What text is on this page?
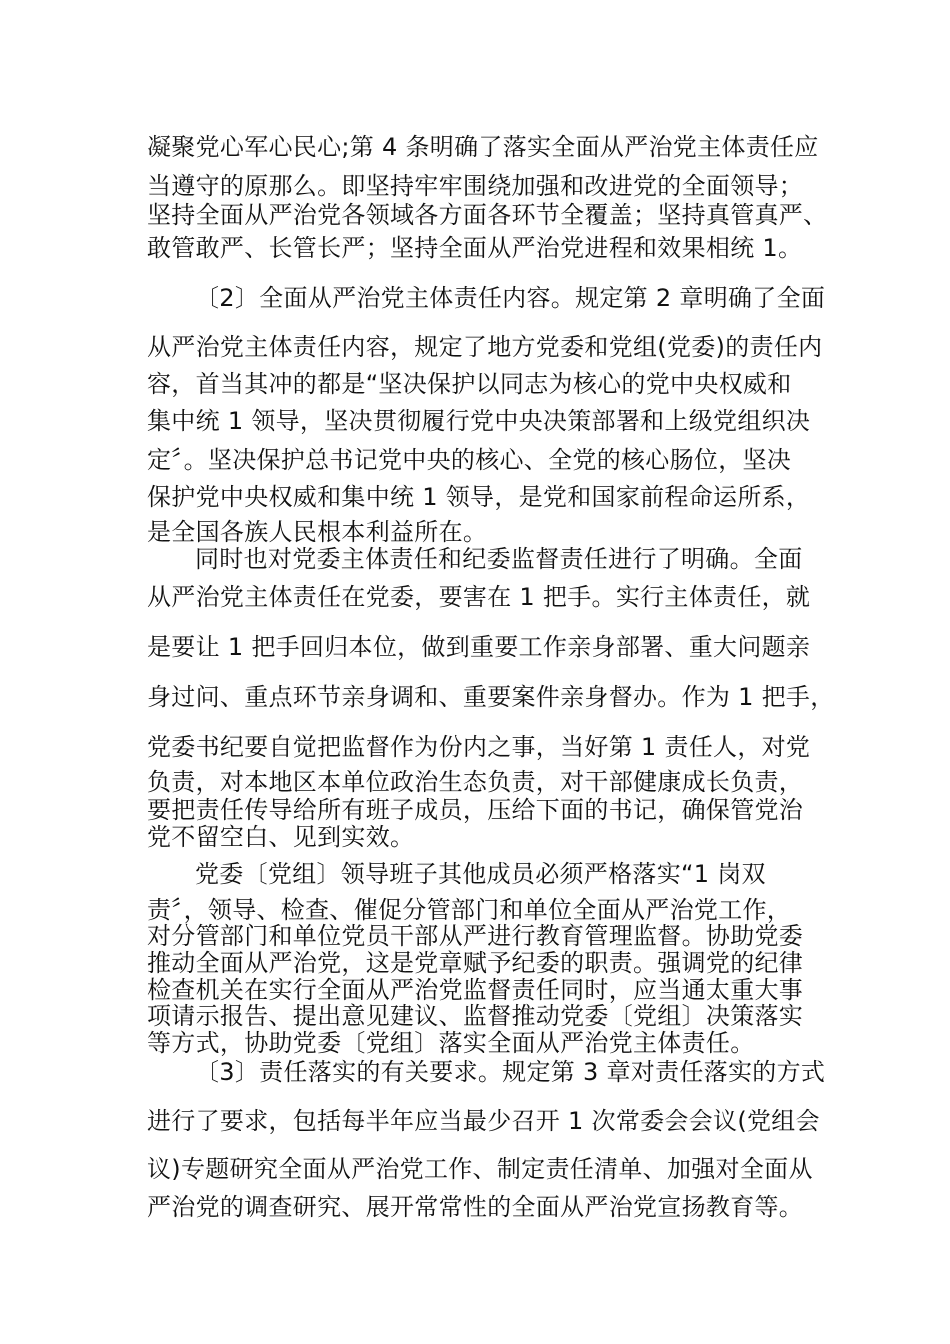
凝聚党心军心民心;第 4 条明确了落实全面从严治党主体责任应
当遵守的原那么。即坚持牢牢围绕加强和改进党的全面领导；
坚持全面从严治党各领域各方面各环节全覆盖；坚持真管真严、
敢管敢严、长管长严；坚持全面从严治党进程和效果相统 1。
〔2〕全面从严治党主体责任内容。规定第 2 章明确了全面
从严治党主体责任内容，规定了地方党委和党组(党委)的责任内
容，首当其冲的都是“坚决保护以同志为核心的党中央权威和
集中统 1 领导，坚决贯彻履行党中央决策部署和上级党组织决
定〞。坚决保护总书记党中央的核心、全党的核心肠位，坚决
保护党中央权威和集中统 1 领导，是党和国家前程命运所系，
是全国各族人民根本利益所在。
同时也对党委主体责任和纪委监督责任进行了明确。全面
从严治党主体责任在党委，要害在 1 把手。实行主体责任，就
是要让 1 把手回归本位，做到重要工作亲身部署、重大问题亲
身过问、重点环节亲身调和、重要案件亲身督办。作为 1 把手，
党委书纪要自觉把监督作为份内之事，当好第 1 责任人，对党
负责，对本地区本单位政治生态负责，对干部健康成长负责，
要把责任传导给所有班子成员，压给下面的书记，确保管党治
党不留空白、见到实效。
党委〔党组〕领导班子其他成员必须严格落实“1 岗双
责〞，领导、检查、催促分管部门和单位全面从严治党工作，
对分管部门和单位党员干部从严进行教育管理监督。协助党委
推动全面从严治党，这是党章赋予纪委的职责。强调党的纪律
检查机关在实行全面从严治党监督责任同时，应当通太重大事
项请示报告、提出意见建议、监督推动党委〔党组〕决策落实
等方式，协助党委〔党组〕落实全面从严治党主体责任。
〔3〕责任落实的有关要求。规定第 3 章对责任落实的方式
进行了要求，包括每半年应当最少召开 1 次常委会会议(党组会
议)专题研究全面从严治党工作、制定责任清单、加强对全面从
严治党的调查研究、展开常常性的全面从严治党宣扬教育等。
